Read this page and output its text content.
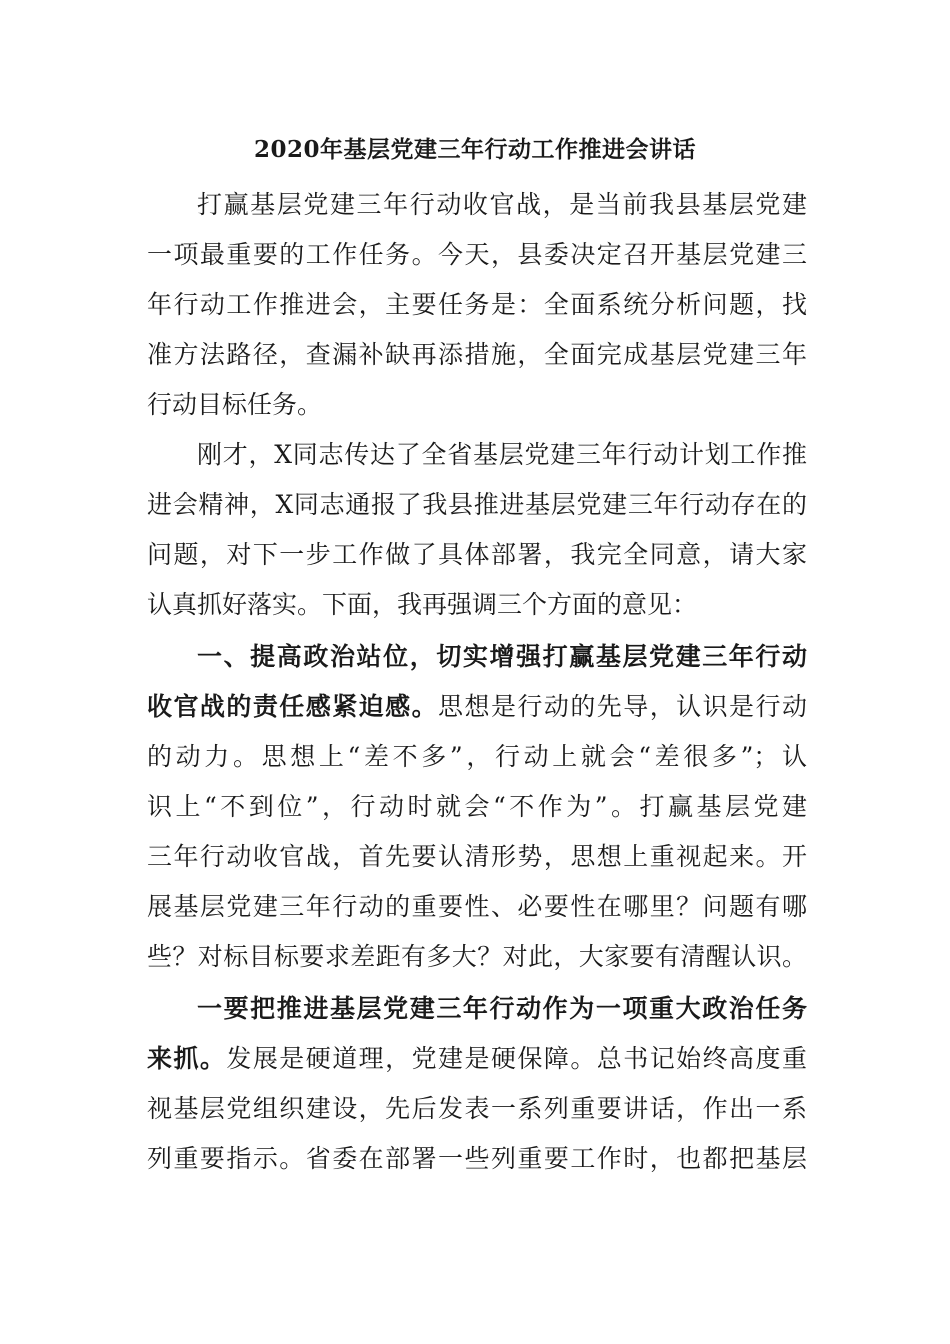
2020年基层党建三年行动工作推进会讲话
打赢基层党建三年行动收官战，是当前我县基层党建
一项最重要的工作任务。今天，县委决定召开基层党建三
年行动工作推进会，主要任务是：全面系统分析问题，找
准方法路径，查漏补缺再添措施，全面完成基层党建三年
行动目标任务。
刚才，X同志传达了全省基层党建三年行动计划工作推
进会精神，X同志通报了我县推进基层党建三年行动存在的
问题，对下一步工作做了具体部署，我完全同意，请大家
认真抓好落实。下面，我再强调三个方面的意见：
一、提高政治站位，切实增强打赢基层党建三年行动
收官战的责任感紧迫感。思想是行动的先导，认识是行动
的动力。思想上“差不多”，行动上就会“差很多”；认
识上“不到位”，行动时就会“不作为”。打赢基层党建
三年行动收官战，首先要认清形势，思想上重视起来。开
展基层党建三年行动的重要性、必要性在哪里？问题有哪
些？对标目标要求差距有多大？对此，大家要有清醒认识。
一要把推进基层党建三年行动作为一项重大政治任务
来抓。发展是硬道理，党建是硬保障。总书记始终高度重
视基层党组织建设，先后发表一系列重要讲话，作出一系
列重要指示。省委在部署一些列重要工作时，也都把基层
